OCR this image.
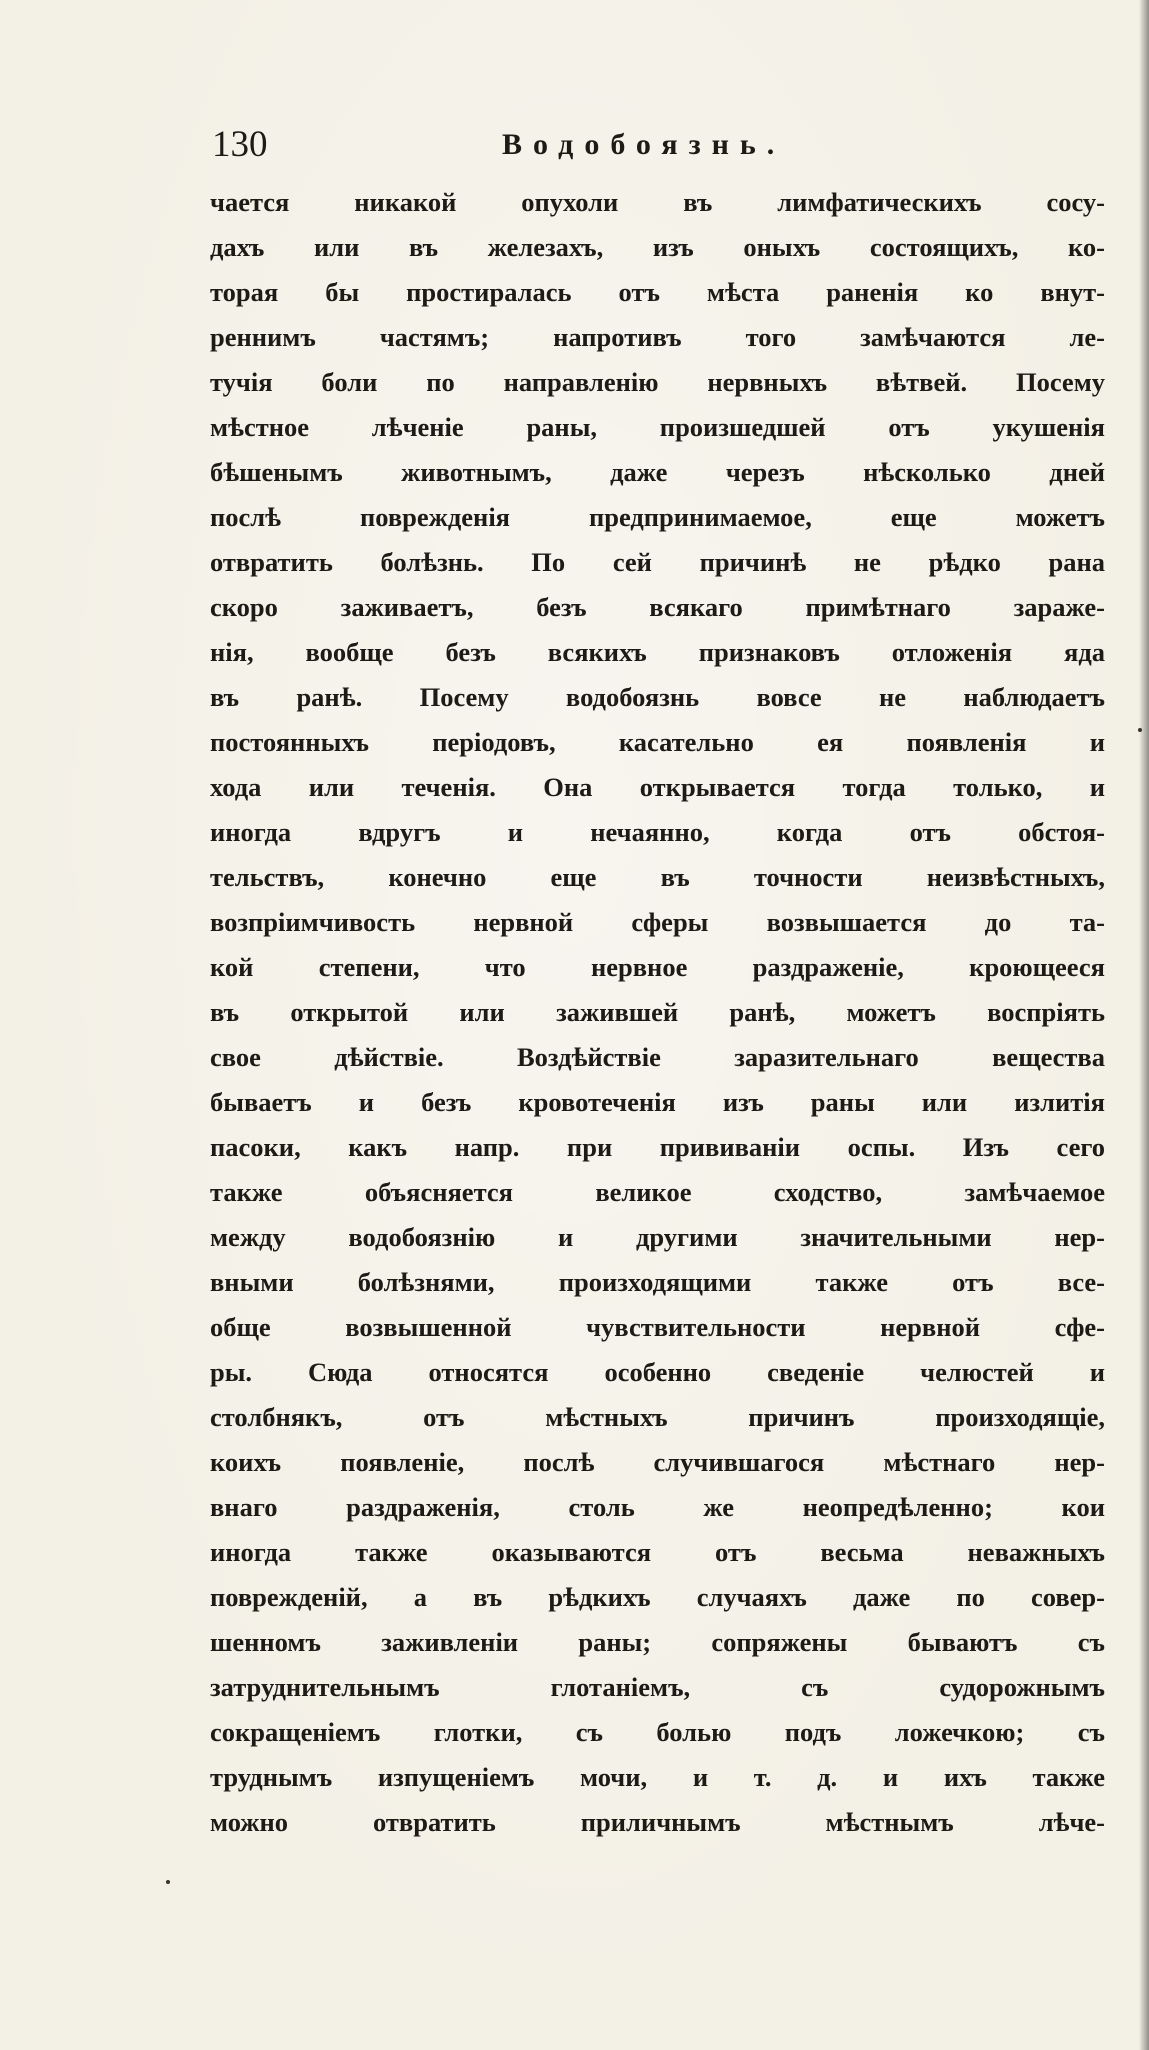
130	Водобоязнь.
чается никакой опухоли въ лимфатическихъ сосу-
дахъ или въ железахъ, изъ оныхъ состоящихъ, ко-
торая бы простиралась отъ мѣста раненія ко внут-
реннимъ частямъ; напротивъ того замѣчаются ле-
тучія боли по направленію нервныхъ вѣтвей. Посему
мѣстное лѣченіе раны, произшедшей отъ укушенія
бѣшенымъ животнымъ, даже черезъ нѣсколько дней
послѣ поврежденія предпринимаемое, еще можетъ
отвратить болѣзнь. По сей причинѣ не рѣдко рана
скоро заживаетъ, безъ всякаго примѣтнаго зараже-
нія, вообще безъ всякихъ признаковъ отложенія яда
въ ранѣ. Посему водобоязнь вовсе не наблюдаетъ
постоянныхъ періодовъ, касательно ея появленія и
хода или теченія. Она открывается тогда только, и
иногда вдругъ и нечаянно, когда отъ обстоя-
тельствъ, конечно еще въ точности неизвѣстныхъ,
возпріимчивость нервной сферы возвышается до та-
кой степени, что нервное раздраженіе, кроющееся
въ открытой или зажившей ранѣ, можетъ воспріять
свое дѣйствіе. Воздѣйствіе заразительнаго вещества
бываетъ и безъ кровотеченія изъ раны или излитія
пасоки, какъ напр. при прививаніи оспы. Изъ сего
также объясняется великое сходство, замѣчаемое
между водобоязнію и другими значительными нер-
вными болѣзнями, произходящими также отъ все-
обще возвышенной чувствительности нервной сфе-
ры. Сюда относятся особенно сведеніе челюстей и
столбнякъ, отъ мѣстныхъ причинъ произходящіе,
коихъ появленіе, послѣ случившагося мѣстнаго нер-
внаго раздраженія, столь же неопредѣленно; кои
иногда также оказываются отъ весьма неважныхъ
поврежденій, а въ рѣдкихъ случаяхъ даже по совер-
шенномъ заживленіи раны; сопряжены бываютъ съ
затруднительнымъ глотаніемъ, съ судорожнымъ
сокращеніемъ глотки, съ болью подъ ложечкою; съ
труднымъ изпущеніемъ мочи, и т. д. и ихъ также
можно отвратить приличнымъ мѣстнымъ лѣче-
